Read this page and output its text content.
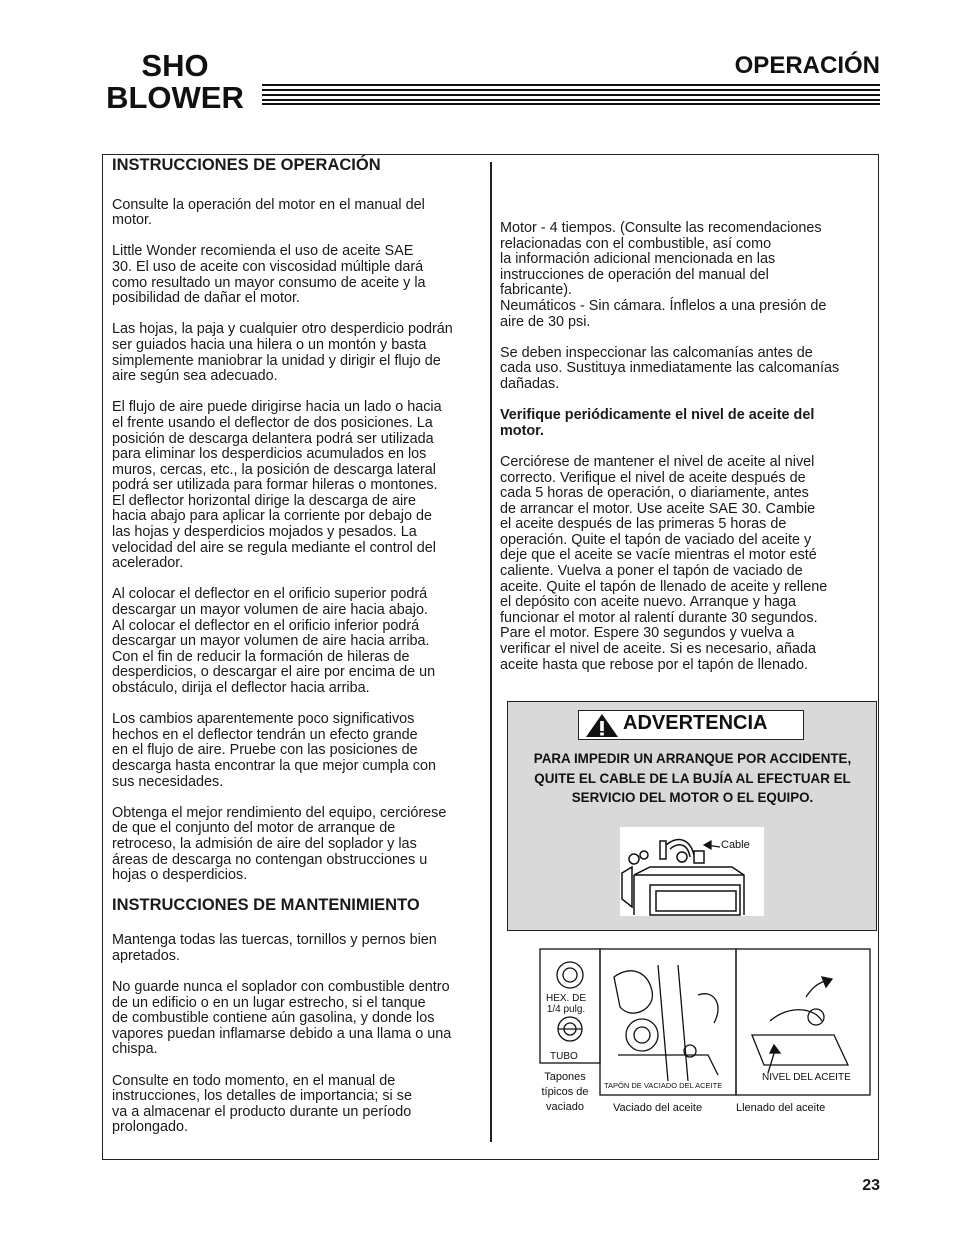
SHO
BLOWER
OPERACIÓN
INSTRUCCIONES DE OPERACIÓN

Consulte la operación del motor en el manual del
motor.

Little Wonder recomienda el uso de aceite SAE
30. El uso de aceite con viscosidad múltiple dará
como resultado un mayor consumo de aceite y la
posibilidad de dañar el motor.

Las hojas, la paja y cualquier otro desperdicio podrán
ser guiados hacia una hilera o un montón y basta
simplemente maniobrar la unidad y dirigir el flujo de
aire según sea adecuado.

El flujo de aire puede dirigirse hacia un lado o hacia
el frente usando el deflector de dos posiciones. La
posición de descarga delantera podrá ser utilizada
para eliminar los desperdicios acumulados en los
muros, cercas, etc., la posición de descarga lateral
podrá ser utilizada para formar hileras o montones.
El deflector horizontal dirige la descarga de aire
hacia abajo para aplicar la corriente por debajo de
las hojas y desperdicios mojados y pesados. La
velocidad del aire se regula mediante el control del
acelerador.

Al colocar el deflector en el orificio superior podrá
descargar un mayor volumen de aire hacia abajo.
Al colocar el deflector en el orificio inferior podrá
descargar un mayor volumen de aire hacia arriba.
Con el fin de reducir la formación de hileras de
desperdicios, o descargar el aire por encima de un
obstáculo, dirija el deflector hacia arriba.

Los cambios aparentemente poco significativos
hechos en el deflector tendrán un efecto grande
en el flujo de aire. Pruebe con las posiciones de
descarga hasta encontrar la que mejor cumpla con
sus necesidades.

Obtenga el mejor rendimiento del equipo, cerciórese
de que el conjunto del motor de arranque de
retroceso, la admisión de aire del soplador y las
áreas de descarga no contengan obstrucciones u
hojas o desperdicios.

INSTRUCCIONES DE MANTENIMIENTO

Mantenga todas las tuercas, tornillos y pernos bien
apretados.

No guarde nunca el soplador con combustible dentro
de un edificio o en un lugar estrecho, si el tanque
de combustible contiene aún gasolina, y donde los
vapores puedan inflamarse debido a una llama o una
chispa.

Consulte en todo momento, en el manual de
instrucciones, los detalles de importancia; si se
va a almacenar el producto durante un período
prolongado.

Motor - 4 tiempos. (Consulte las recomendaciones
relacionadas con el combustible, así como
la información adicional mencionada en las
instrucciones de operación del manual del
fabricante).
Neumáticos - Sin cámara. Ínflelos a una presión de
aire de 30 psi.

Se deben inspeccionar las calcomanías antes de
cada uso. Sustituya inmediatamente las calcomanías
dañadas.

Verifique periódicamente el nivel de aceite del
motor.

Cerciórese de mantener el nivel de aceite al nivel
correcto. Verifique el nivel de aceite después de
cada 5 horas de operación, o diariamente, antes
de arrancar el motor. Use aceite SAE 30. Cambie
el aceite después de las primeras 5 horas de
operación. Quite el tapón de vaciado del aceite y
deje que el aceite se vacíe mientras el motor esté
caliente. Vuelva a poner el tapón de vaciado de
aceite. Quite el tapón de llenado de aceite y rellene
el depósito con aceite nuevo. Arranque y haga
funcionar el motor al ralentí durante 30 segundos.
Pare el motor. Espere 30 segundos y vuelva a
verificar el nivel de aceite. Si es necesario, añada
aceite hasta que rebose por el tapón de llenado.

ADVERTENCIA
PARA IMPEDIR UN ARRANQUE POR ACCIDENTE,
QUITE EL CABLE DE LA BUJÍA AL EFECTUAR EL
SERVICIO DEL MOTOR O EL EQUIPO.
Cable
HEX. DE
1/4 pulg.
TUBO
Tapones
típicos de
vaciado
TAPÓN DE VACIADO DEL ACEITE
Vaciado del aceite
NIVEL DEL ACEITE
Llenado del aceite
23
